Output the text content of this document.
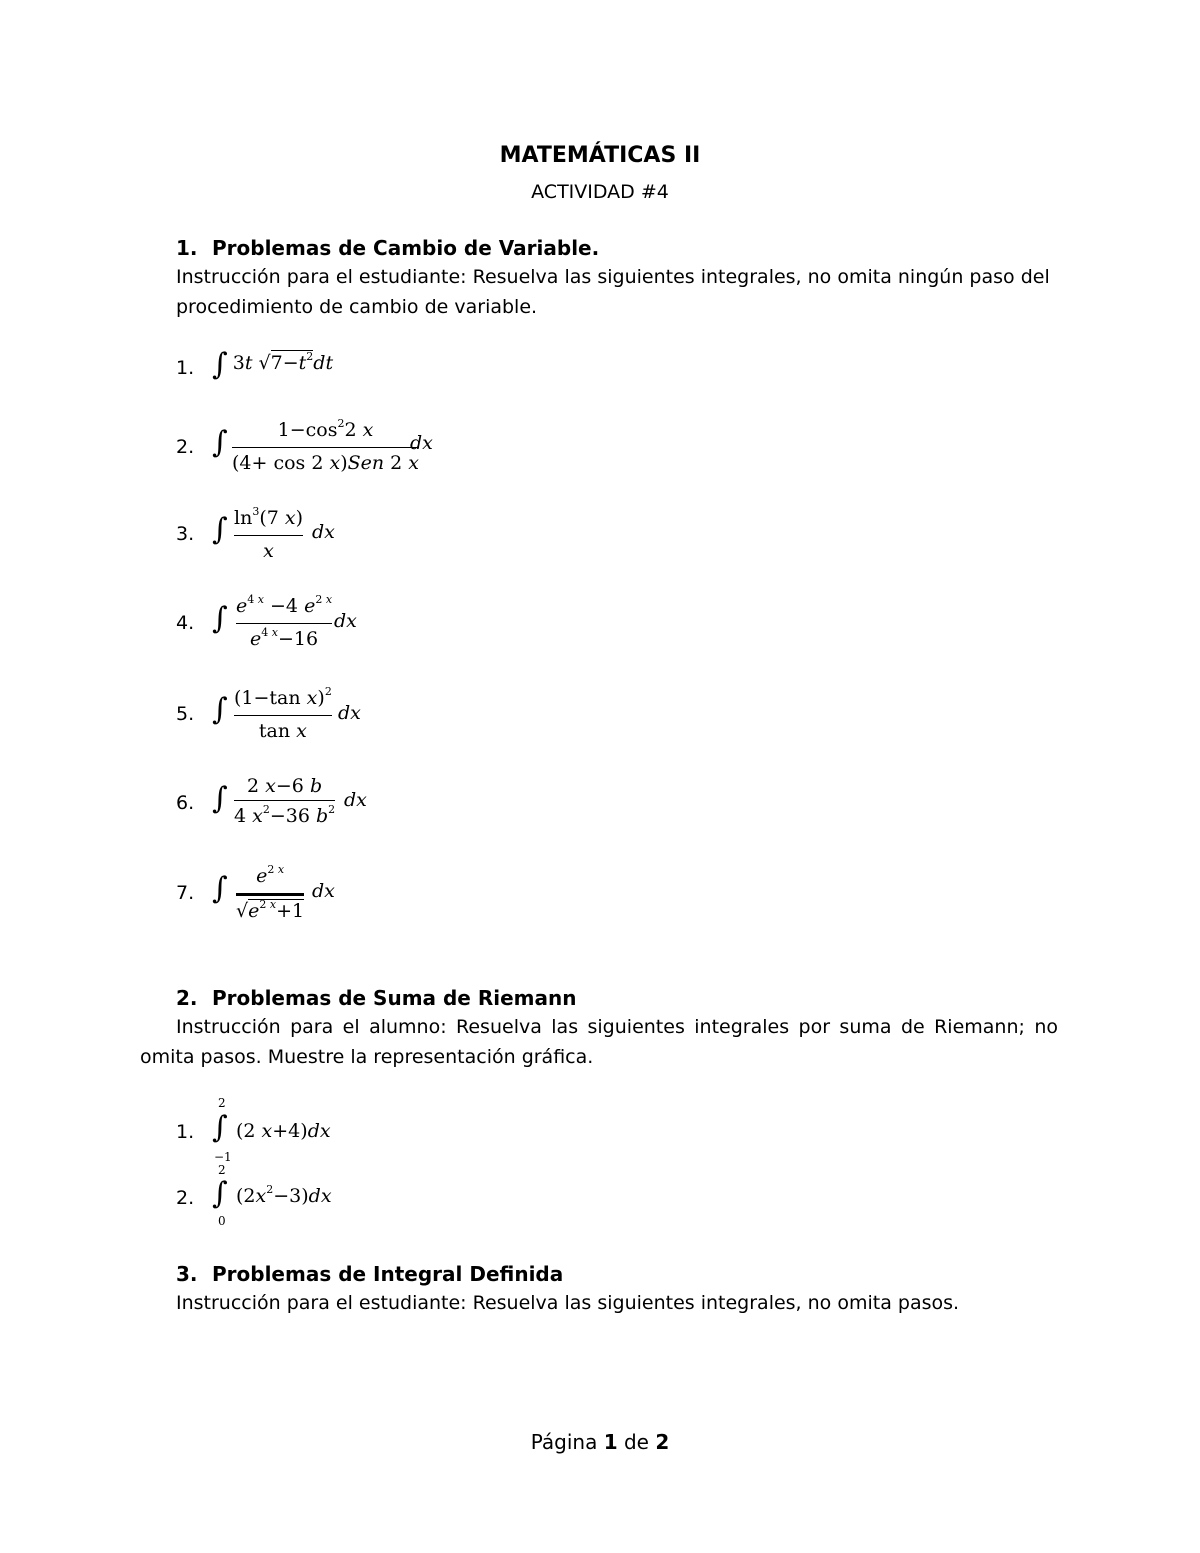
MATEMÁTICAS II
ACTIVIDAD #4
1. Problemas de Cambio de Variable.
Instrucción para el estudiante: Resuelva las siguientes integrales, no omita ningún paso del
procedimiento de cambio de variable.
1. ∫ 3t $√7-t^2dt$
2. ∫	$1-\cos^22$ x
(4+ cos 2 x)Sen 2 x
dx
3. ∫ $\ln^3(7$ x)
x
dx
4. ∫ $e^{4 x} -4$ $e^{2 x}$
$e^{4 x}-16$
dx
5. ∫ (1−tan x)$^2$
tan x
dx
6. ∫ 2 x−6 b
4 $x^2-36$ $b^2$ dx
7. ∫ $e^{2 x}$
$√e^{2 x}+1$
dx
2. Problemas de Suma de Riemann
Instrucción para el alumno: Resuelva las siguientes integrales por suma de Riemann; no
omita pasos. Muestre la representación gráfica.
1.
2
∫
−1
(2 x+4)dx
2.
2
∫
0
$(2x^2-3)dx$
3. Problemas de Integral Definida
Instrucción para el estudiante: Resuelva las siguientes integrales, no omita pasos.
Página 1 de 2
